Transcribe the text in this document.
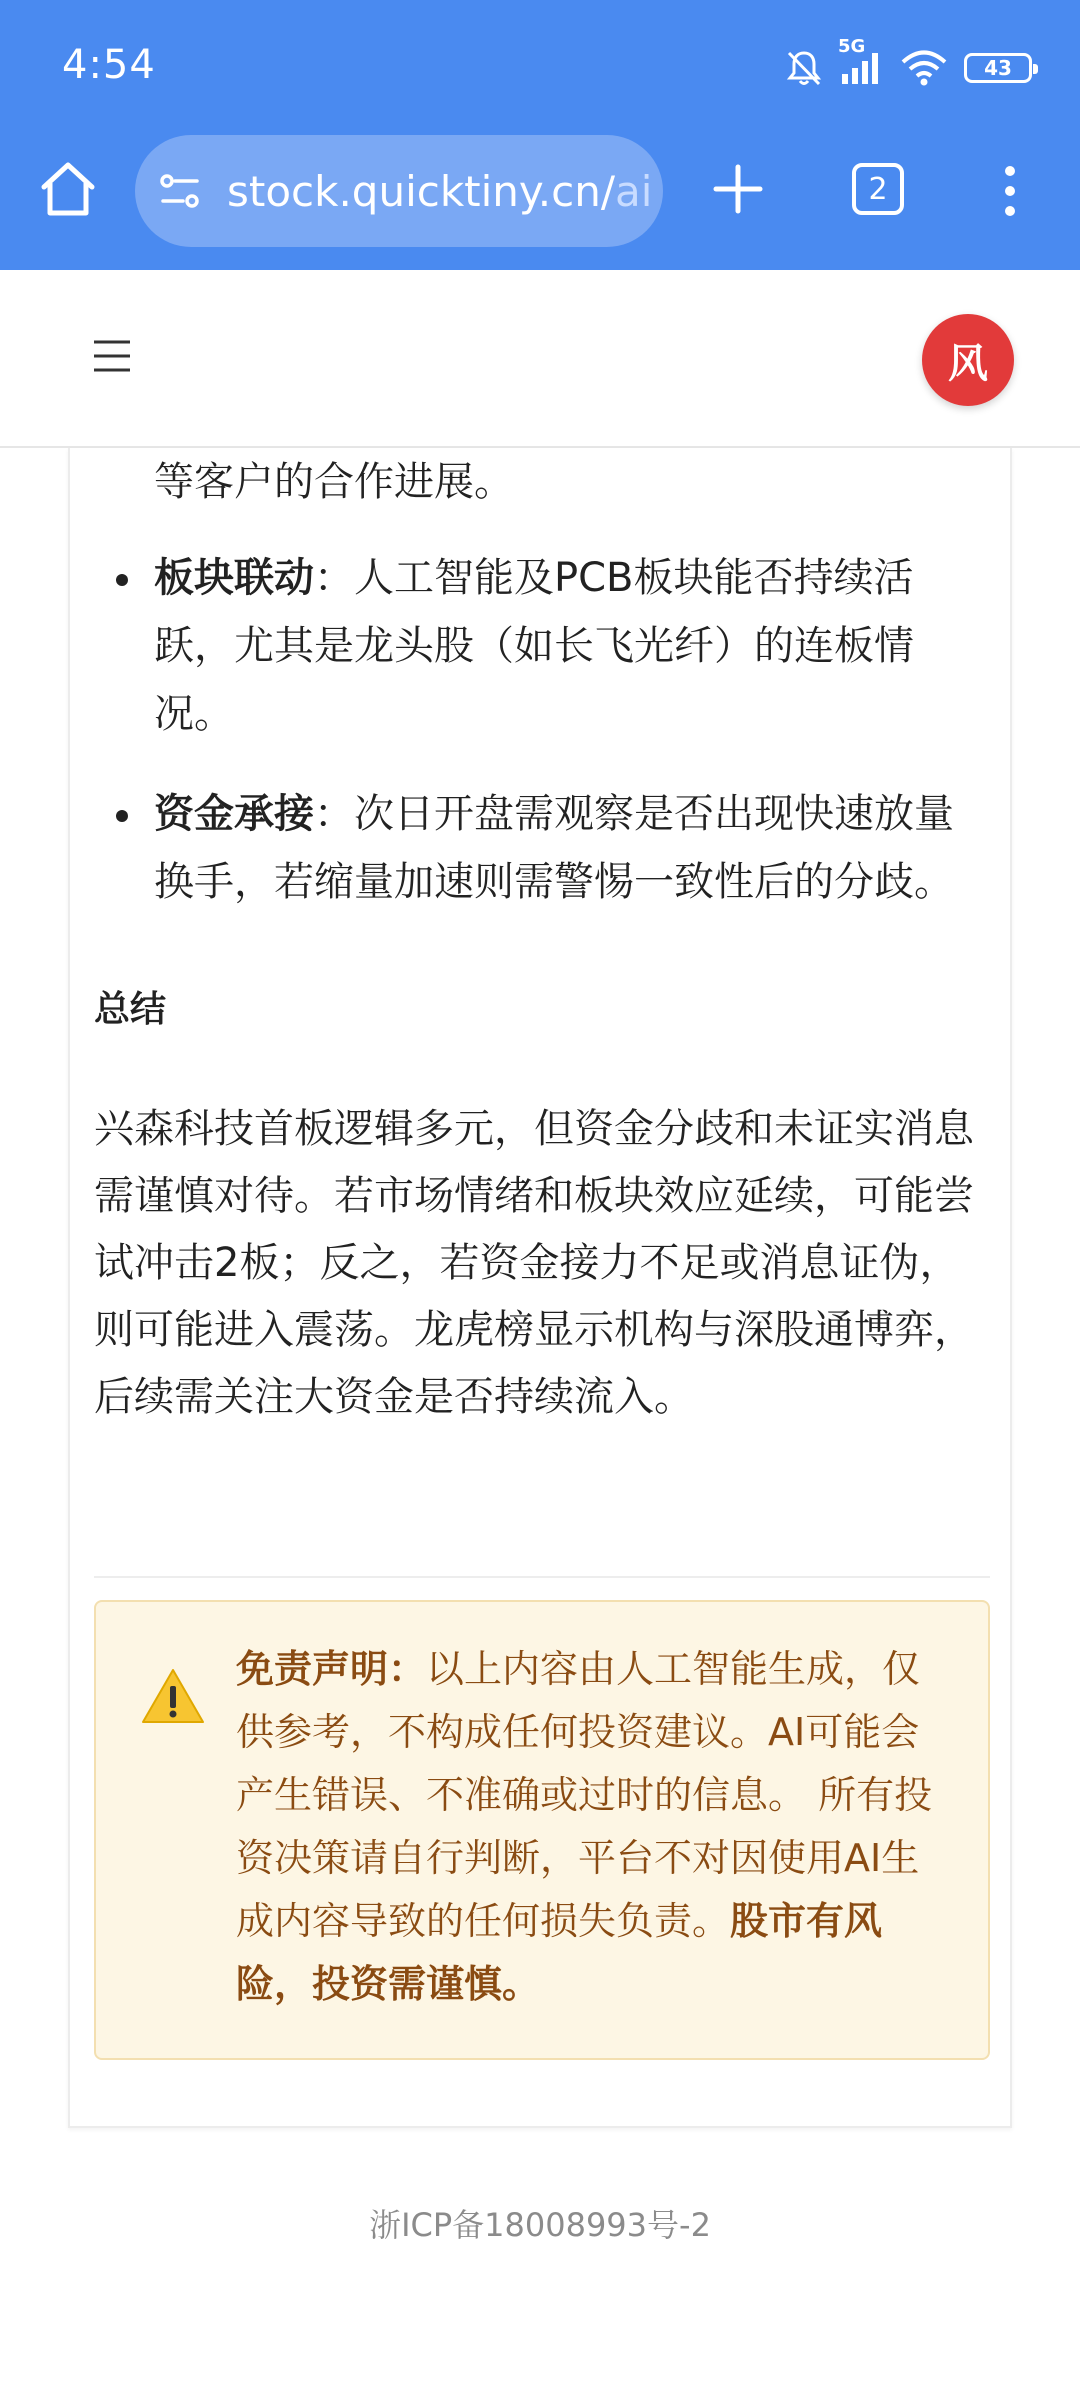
4:54	5G
43
stock.quicktiny.cn/ai	2
风
等客户的合作进展。
板块联动：人工智能及PCB板块能否持续活跃，尤其是龙头股（如长飞光纤）的连板情况。
资金承接：次日开盘需观察是否出现快速放量换手，若缩量加速则需警惕一致性后的分歧。
总结
兴森科技首板逻辑多元，但资金分歧和未证实消息需谨慎对待。若市场情绪和板块效应延续，可能尝试冲击2板；反之，若资金接力不足或消息证伪，则可能进入震荡。龙虎榜显示机构与深股通博弈，后续需关注大资金是否持续流入。
免责声明：以上内容由人工智能生成，仅供参考，不构成任何投资建议。AI可能会产生错误、不准确或过时的信息。 所有投资决策请自行判断，平台不对因使用AI生成内容导致的任何损失负责。股市有风险，投资需谨慎。
浙ICP备18008993号-2
